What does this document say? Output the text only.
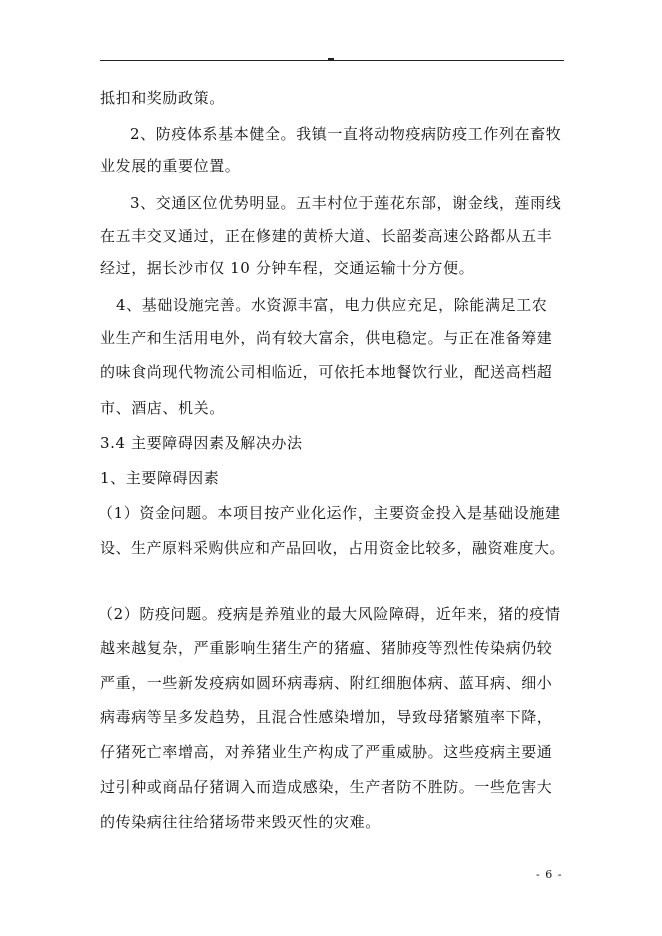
抵扣和奖励政策。
2、防疫体系基本健全。我镇一直将动物疫病防疫工作列在畜牧
业发展的重要位置。
3、交通区位优势明显。五丰村位于莲花东部，谢金线，莲雨线
在五丰交叉通过，正在修建的黄桥大道、长韶娄高速公路都从五丰
经过，据长沙市仅 10 分钟车程，交通运输十分方便。
4、基础设施完善。水资源丰富，电力供应充足，除能满足工农
业生产和生活用电外，尚有较大富余，供电稳定。与正在准备筹建
的味食尚现代物流公司相临近，可依托本地餐饮行业，配送高档超
市、酒店、机关。
3.4 主要障碍因素及解决办法
1、主要障碍因素
（1）资金问题。本项目按产业化运作，主要资金投入是基础设施建
设、生产原料采购供应和产品回收，占用资金比较多，融资难度大。
（2）防疫问题。疫病是养殖业的最大风险障碍，近年来，猪的疫情
越来越复杂，严重影响生猪生产的猪瘟、猪肺疫等烈性传染病仍较
严重，一些新发疫病如圆环病毒病、附红细胞体病、蓝耳病、细小
病毒病等呈多发趋势，且混合性感染增加，导致母猪繁殖率下降，
仔猪死亡率增高，对养猪业生产构成了严重威胁。这些疫病主要通
过引种或商品仔猪调入而造成感染，生产者防不胜防。一些危害大
的传染病往往给猪场带来毁灭性的灾难。
- 6 -
